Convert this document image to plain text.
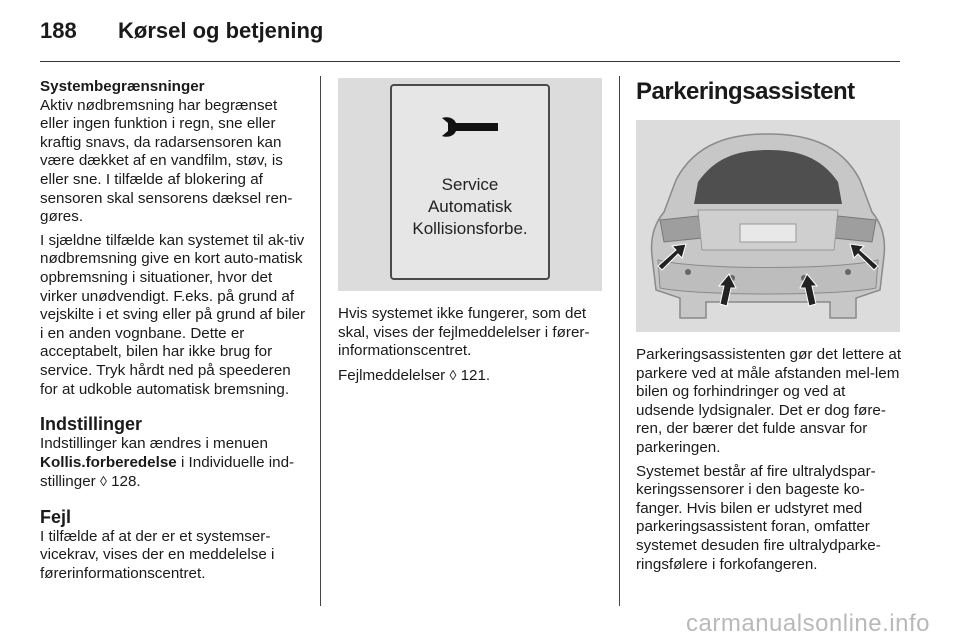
188	Kørsel og betjening
Systembegrænsninger

Aktiv nødbremsning har begrænset eller ingen funktion i regn, sne eller kraftig snavs, da radarsensoren kan være dækket af en vandfilm, støv, is eller sne. I tilfælde af blokering af sensoren skal sensorens dæksel ren-gøres.

I sjældne tilfælde kan systemet til ak-tiv nødbremsning give en kort auto-matisk opbremsning i situationer, hvor det virker unødvendigt. F.eks. på grund af vejskilte i et sving eller på grund af biler i en anden vognbane. Dette er acceptabelt, bilen har ikke brug for service. Tryk hårdt ned på speederen for at udkoble automatisk bremsning.

Indstillinger

Indstillinger kan ændres i menuen
Kollis.forberedelse i Individuelle ind-stillinger ◊ 128.

Fejl

I tilfælde af at der er et systemser-vicekrav, vises der en meddelelse i førerinformationscentret.

Service
Automatisk
Kollisionsforbe.

Hvis systemet ikke fungerer, som det skal, vises der fejlmeddelelser i fører-informationscentret.

Fejlmeddelelser ◊ 121.

Parkeringsassistent

Parkeringsassistenten gør det lettere at parkere ved at måle afstanden mel-lem bilen og forhindringer og ved at udsende lydsignaler. Det er dog føre-ren, der bærer det fulde ansvar for parkeringen.

Systemet består af fire ultralydspar-keringssensorer i den bageste ko-fanger. Hvis bilen er udstyret med parkeringsassistent foran, omfatter systemet desuden fire ultralydparke-ringsfølere i forkofangeren.

carmanualsonline.info
